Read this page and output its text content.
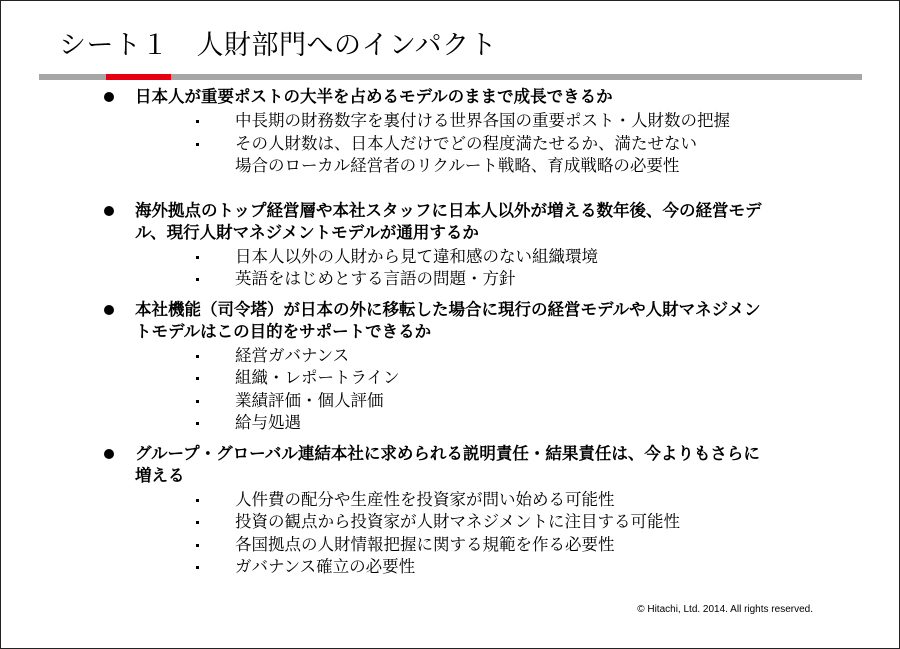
シート１　人財部門へのインパクト
日本人が重要ポストの大半を占めるモデルのままで成長できるか
中長期の財務数字を裏付ける世界各国の重要ポスト・人財数の把握
その人財数は、日本人だけでどの程度満たせるか、満たせない場合のローカル経営者のリクルート戦略、育成戦略の必要性
海外拠点のトップ経営層や本社スタッフに日本人以外が増える数年後、今の経営モデル、現行人財マネジメントモデルが通用するか
日本人以外の人財から見て違和感のない組織環境
英語をはじめとする言語の問題・方針
本社機能（司令塔）が日本の外に移転した場合に現行の経営モデルや人財マネジメントモデルはこの目的をサポートできるか
経営ガバナンス
組織・レポートライン
業績評価・個人評価
給与処遇
グループ・グローバル連結本社に求められる説明責任・結果責任は、今よりもさらに増える
人件費の配分や生産性を投資家が問い始める可能性
投資の観点から投資家が人財マネジメントに注目する可能性
各国拠点の人財情報把握に関する規範を作る必要性
ガバナンス確立の必要性
© Hitachi, Ltd. 2014. All rights reserved.
